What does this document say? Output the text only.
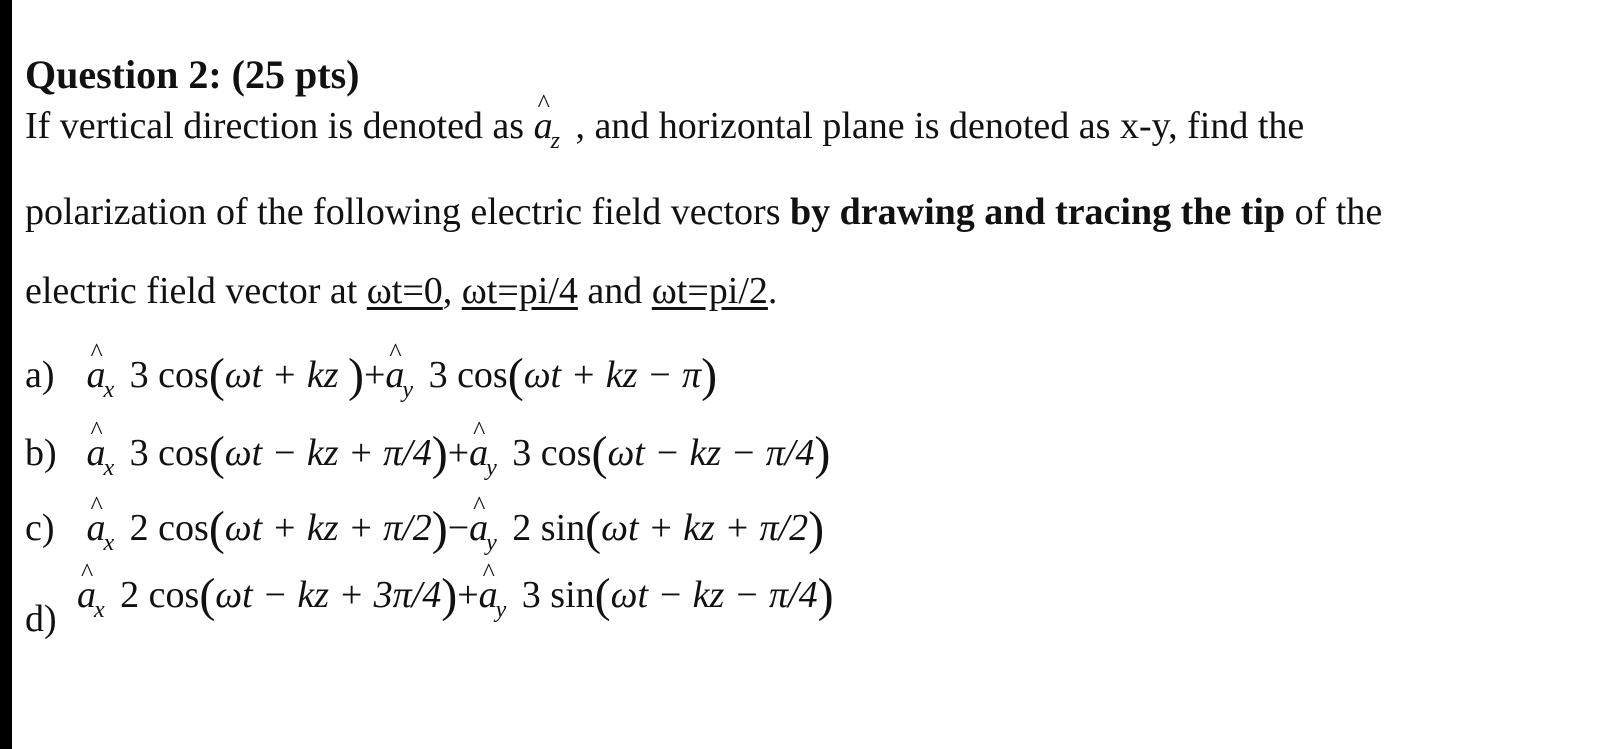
Question 2: (25 pts)
If vertical direction is denoted as ^ $a_z$ , and horizontal plane is denoted as x-y, find the
polarization of the following electric field vectors by drawing and tracing the tip of the
electric field vector at ωt=0, ωt=pi/4 and ωt=pi/2.
a) ^ $a_x$ 3 cos(ωt + kz )+^ $a_y$ 3 cos(ωt + kz − π)
b) ^ $a_x$ 3 cos(ωt − kz + π/4)+^ $a_y$ 3 cos(ωt − kz − π/4)
c) ^ $a_x$ 2 cos(ωt + kz + π/2)−^ $a_y$ 2 sin(ωt + kz + π/2)
d)
^ $a_x$ 2 cos(ωt − kz + 3π/4)+^ $a_y$ 3 sin(ωt − kz − π/4)
